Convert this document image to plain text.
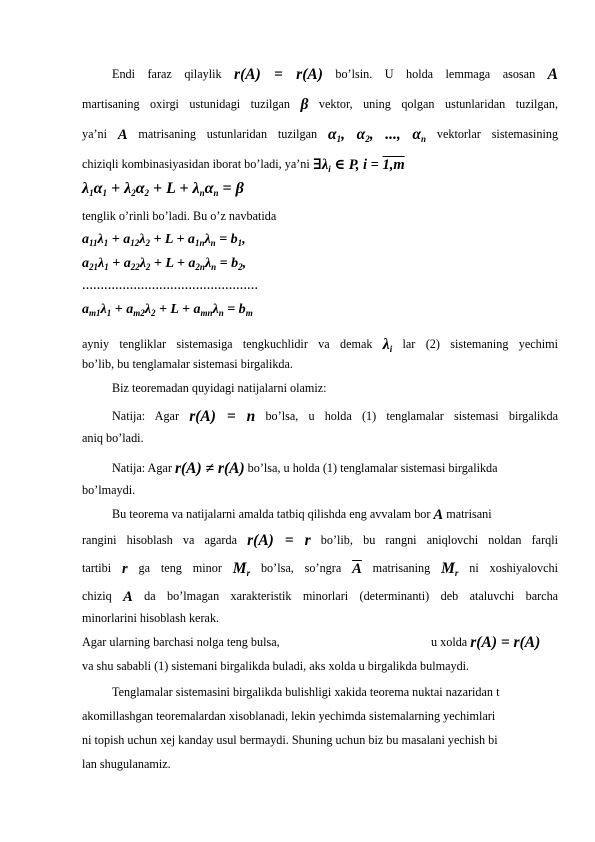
Endi faraz qilaylik $r(\overline{A}) = r(A)$ bo’lsin. U holda lemmaga asosan $\overline{A}$
martisaning oxirgi ustunidagi tuzilgan β vektor, uning qolgan ustunlaridan tuzilgan,
ya’ni A matrisaning ustunlaridan tuzilgan $\alpha_1$, $\alpha_2$, ..., $\alpha_n$ vektorlar sistemasining
chiziqli kombinasiyasidan iborat bo’ladi, ya’ni $\exists\lambda_i$ ∈ P, i = 1,m
$\lambda_1\alpha_1 + \lambda_2\alpha_2 + L + \lambda_n\alpha_n = \beta$
tenglik o’rinli bo’ladi. Bu o’z navbatida
$a_{11}\lambda_1 + a_{12}\lambda_2 + L + a_{1n}\lambda_n = b_1$,
$a_{21}\lambda_1 + a_{22}\lambda_2 + L + a_{2n}\lambda_n = b_2$,
…………………………………………
$a_{m1}\lambda_1 + a_{m2}\lambda_2 + L + a_{mn}\lambda_n = b_m$
ayniy tengliklar sistemasiga tengkuchlidir va demak $\lambda_i$ lar (2) sistemaning yechimi
bo’lib, bu tenglamalar sistemasi birgalikda.
Biz teoremadan quyidagi natijalarni olamiz:
Natija: Agar r(A) = n bo’lsa, u holda (1) tenglamalar sistemasi birgalikda
aniq bo’ladi.
Natija: Agar $r(\overline{A}) \ne r(A)$ bo’lsa, u holda (1) tenglamalar sistemasi birgalikda
bo’lmaydi.
Bu teorema va natijalarni amalda tatbiq qilishda eng avvalam bor A matrisani
rangini hisoblash va agarda r(A) = r bo’lib, bu rangni aniqlovchi noldan farqli
tartibi r ga teng minor $M_r$ bo’lsa, so’ngra $\overline{A}$ matrisaning $M_r$ ni xoshiyalovchi
chiziq A da bo’lmagan xarakteristik minorlari (determinanti) deb ataluvchi barcha
minorlarini hisoblash kerak.
Agar ularning barchasi nolga teng bulsa,	u xolda $r(\overline{A}) = r(A)$
va shu sababli (1) sistemani birgalikda buladi, aks xolda u birgalikda bulmaydi.
Tenglamalar sistemasini birgalikda bulishligi xakida teorema nuktai nazaridan t
akomillashgan teoremalardan xisoblanadi, lekin yechimda sistemalarning yechimlari
ni topish uchun xej kanday usul bermaydi. Shuning uchun biz bu masalani yechish bi
lan shugulanamiz.
